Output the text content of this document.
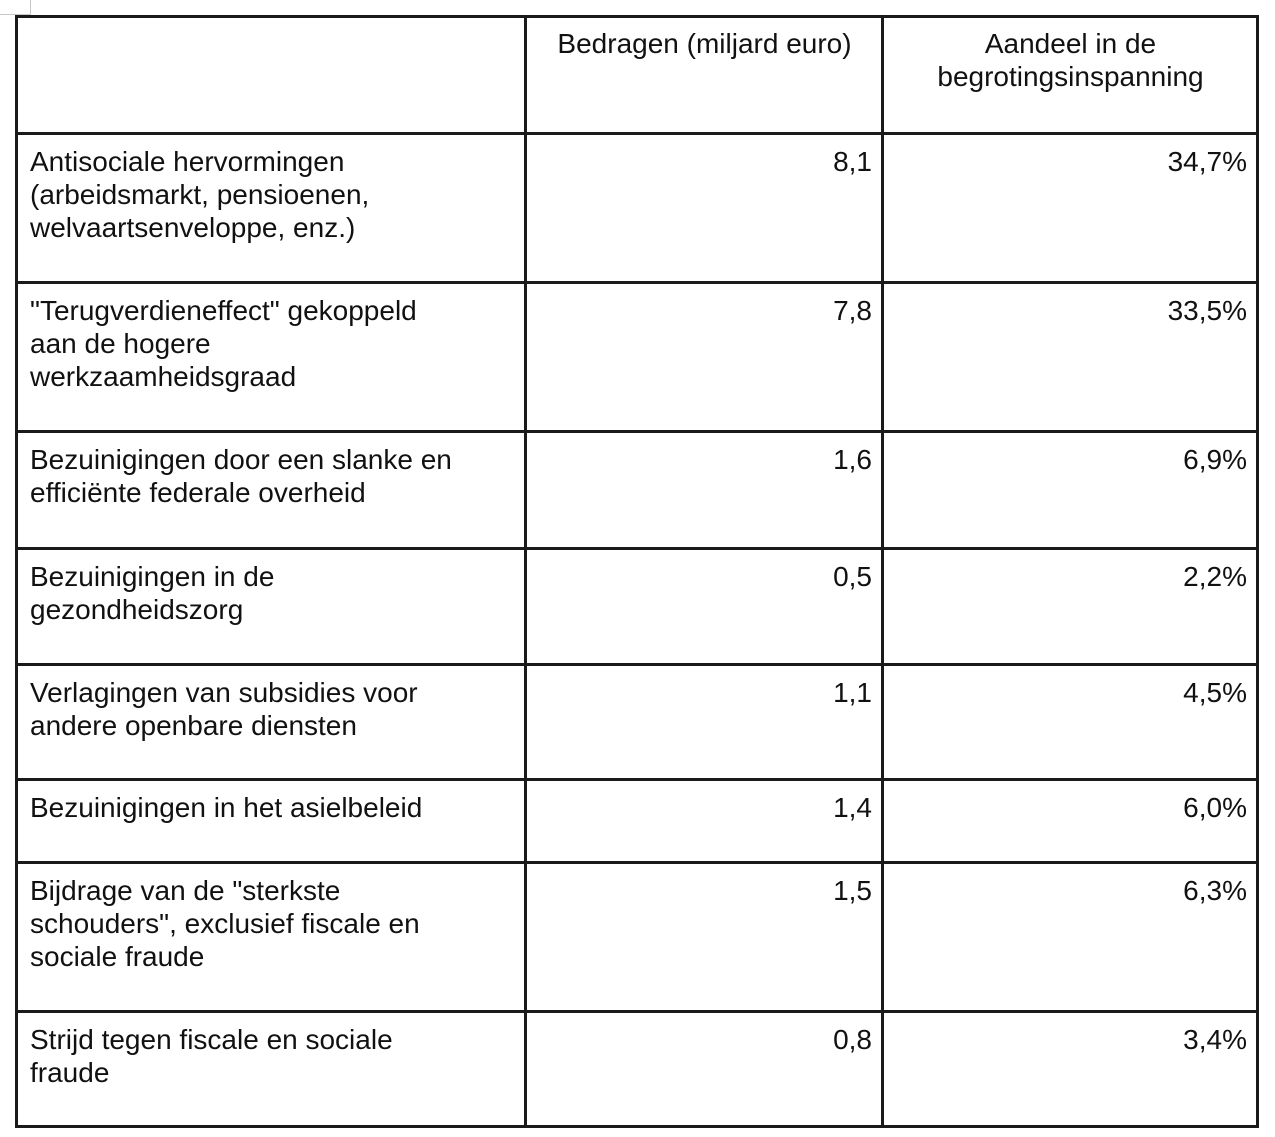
	Bedragen (miljard euro)	Aandeel in de
begrotingsinspanning
Antisociale hervormingen
(arbeidsmarkt, pensioenen,
welvaartsenveloppe, enz.)	8,1	34,7%
"Terugverdieneffect" gekoppeld
aan de hogere
werkzaamheidsgraad	7,8	33,5%
Bezuinigingen door een slanke en
efficiënte federale overheid	1,6	6,9%
Bezuinigingen in de
gezondheidszorg	0,5	2,2%
Verlagingen van subsidies voor
andere openbare diensten	1,1	4,5%
Bezuinigingen in het asielbeleid	1,4	6,0%
Bijdrage van de "sterkste
schouders", exclusief fiscale en
sociale fraude	1,5	6,3%
Strijd tegen fiscale en sociale
fraude	0,8	3,4%
